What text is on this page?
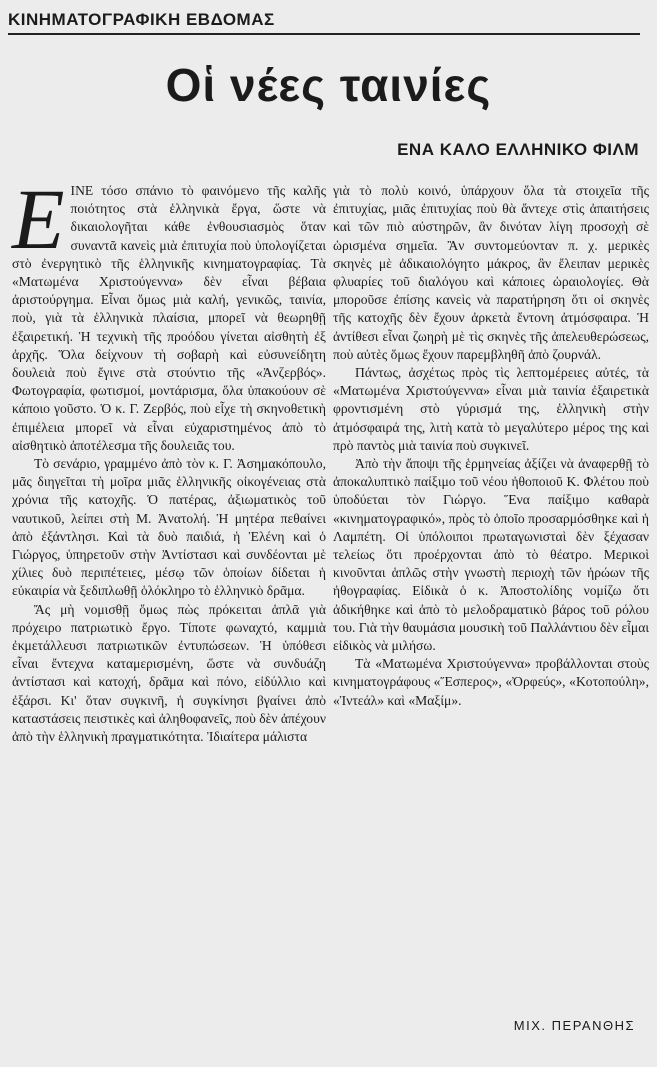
ΚΙΝΗΜΑΤΟΓΡΑΦΙΚΗ ΕΒΔΟΜΑΣ
Οἱ νέες ταινίες
ΕΝΑ ΚΑΛΟ ΕΛΛΗΝΙΚΟ ΦΙΛΜ
Ε ΙΝΕ τόσο σπάνιο τὸ φαινόμενο τῆς καλῆς ποιότητος στὰ ἑλληνικὰ ἔργα, ὥστε νὰ δικαιολογῆται κάθε ἐνθουσιασμὸς ὅταν συναντᾶ κανεὶς μιὰ ἐπιτυχία ποὺ ὑπολογίζεται στὸ ἐνεργητικὸ τῆς ἑλληνικῆς κινηματογραφίας. Τὰ «Ματωμένα Χριστούγεννα» δὲν εἶναι βέβαια ἀριστούργημα. Εἶναι ὅμως μιὰ καλή, γενικῶς, ταινία, ποὺ, γιὰ τὰ ἑλληνικὰ πλαίσια, μπορεῖ νὰ θεωρηθῇ ἐξαιρετική. Ἡ τεχνικὴ τῆς προόδου γίνεται αἰσθητὴ ἐξ ἀρχῆς. Ὅλα δείχνουν τὴ σοβαρὴ καὶ εὐσυνείδητη δουλειὰ ποὺ ἔγινε στὰ στούντιο τῆς «Ἀνζερβός». Φωτογραφία, φωτισμοί, μοντάρισμα, ὅλα ὑπακούουν σὲ κάποιο γοῦστο. Ὁ κ. Γ. Ζερβός, ποὺ εἶχε τὴ σκηνοθετικὴ ἐπιμέλεια μπορεῖ νὰ εἶναι εὐχαριστημένος ἀπὸ τὸ αἰσθητικὸ ἀποτέλεσμα τῆς δουλειᾶς του.

Τὸ σενάριο, γραμμένο ἀπὸ τὸν κ. Γ. Ἀσημακόπουλο, μᾶς διηγεῖται τὴ μοῖρα μιᾶς ἑλληνικῆς οἰκογένειας στὰ χρόνια τῆς κατοχῆς. Ὁ πατέρας, ἀξιωματικὸς τοῦ ναυτικοῦ, λείπει στὴ Μ. Ἀνατολή. Ἡ μητέρα πεθαίνει ἀπὸ ἐξάντλησι. Καὶ τὰ δυὸ παιδιά, ἡ Ἑλένη καὶ ὁ Γιώργος, ὑπηρετοῦν στὴν Ἀντίστασι καὶ συνδέονται μὲ χίλιες δυὸ περιπέτειες, μέσῳ τῶν ὁποίων δίδεται ἡ εὐκαιρία νὰ ξεδιπλωθῇ ὁλόκληρο τὸ ἑλληνικὸ δρᾶμα.

Ἄς μὴ νομισθῇ ὅμως πὼς πρόκειται ἁπλᾶ γιὰ πρόχειρο πατριωτικὸ ἔργο. Τίποτε φωναχτό, καμμιὰ ἐκμετάλλευσι πατριωτικῶν ἐντυπώσεων. Ἡ ὑπόθεσι εἶναι ἔντεχνα καταμερισμένη, ὥστε νὰ συνδυάζη ἀντίστασι καὶ κατοχή, δρᾶμα καὶ πόνο, εἰδύλλιο καὶ ἐξάρσι. Κι' ὅταν συγκινῆ, ἡ συγκίνησι βγαίνει ἀπὸ καταστάσεις πειστικὲς καὶ ἀληθοφανεῖς, ποὺ δὲν ἀπέχουν ἀπὸ τὴν ἑλληνικὴ πραγματικότητα. Ἰδιαίτερα μάλιστα

γιὰ τὸ πολὺ κοινό, ὑπάρχουν ὅλα τὰ στοιχεῖα τῆς ἐπιτυχίας, μιᾶς ἐπιτυχίας ποὺ θὰ ἄντεχε στὶς ἀπαιτήσεις καὶ τῶν πιὸ αὐστηρῶν, ἂν δινόταν λίγη προσοχὴ σὲ ὡρισμένα σημεῖα. Ἂν συντομεύονταν π. χ. μερικὲς σκηνὲς μὲ ἀδικαιολόγητο μάκρος, ἂν ἔλειπαν μερικὲς φλυαρίες τοῦ διαλόγου καὶ κάποιες ὡραιολογίες. Θὰ μποροῦσε ἐπίσης κανεὶς νὰ παρατήρηση ὅτι οἱ σκηνὲς τῆς κατοχῆς δὲν ἔχουν ἀρκετὰ ἔντονη ἀτμόσφαιρα. Ἡ ἀντίθεσι εἶναι ζωηρὴ μὲ τὶς σκηνὲς τῆς ἀπελευθερώσεως, ποὺ αὐτὲς ὅμως ἔχουν παρεμβληθῆ ἀπὸ ζουρνάλ.

Πάντως, ἀσχέτως πρὸς τὶς λεπτομέρειες αὐτές, τὰ «Ματωμένα Χριστούγεννα» εἶναι μιὰ ταινία ἐξαιρετικὰ φροντισμένη στὸ γύρισμά της, ἑλληνικὴ στὴν ἀτμόσφαιρά της, λιτὴ κατὰ τὸ μεγαλύτερο μέρος της καὶ πρὸ παντὸς μιὰ ταινία ποὺ συγκινεῖ.

Ἀπὸ τὴν ἄποψι τῆς ἑρμηνείας ἀξίζει νὰ ἀναφερθῇ τὸ ἀποκαλυπτικὸ παίξιμο τοῦ νέου ἠθοποιοῦ Κ. Φλέτου ποὺ ὑποδύεται τὸν Γιώργο. Ἕνα παίξιμο καθαρὰ «κινηματογραφικό», πρὸς τὸ ὁποῖο προσαρμόσθηκε καὶ ἡ Λαμπέτη. Οἱ ὑπόλοιποι πρωταγωνισταὶ δὲν ξέχασαν τελείως ὅτι προέρχονται ἀπὸ τὸ θέατρο. Μερικοὶ κινοῦνται ἁπλῶς στὴν γνωστὴ περιοχὴ τῶν ἡρώων τῆς ἠθογραφίας. Εἰδικὰ ὁ κ. Ἀποστολίδης νομίζω ὅτι ἀδικήθηκε καὶ ἀπὸ τὸ μελοδραματικὸ βάρος τοῦ ρόλου του. Γιὰ τὴν θαυμάσια μουσικὴ τοῦ Παλλάντιου δὲν εἶμαι εἰδικὸς νὰ μιλήσω.

Τὰ «Ματωμένα Χριστούγεννα» προβάλλονται στοὺς κινηματογράφους «Ἕσπερος», «Ὀρφεύς», «Κοτοπούλη», «Ἰντεάλ» καὶ «Μαξίμ».

ΜΙΧ. ΠΕΡΑΝΘΗΣ
